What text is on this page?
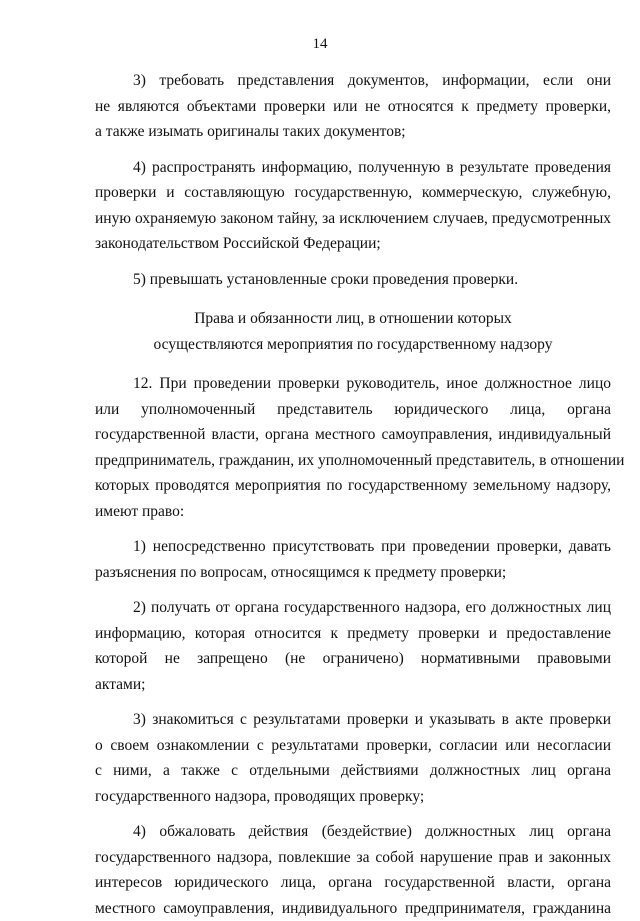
14
3) требовать представления документов, информации, если они
не являются объектами проверки или не относятся к предмету проверки,
а также изымать оригиналы таких документов;
4) распространять информацию, полученную в результате проведения
проверки и составляющую государственную, коммерческую, служебную,
иную охраняемую законом тайну, за исключением случаев, предусмотренных
законодательством Российской Федерации;
5) превышать установленные сроки проведения проверки.
Права и обязанности лиц, в отношении которых
осуществляются мероприятия по государственному надзору
12. При проведении проверки руководитель, иное должностное лицо
или уполномоченный представитель юридического лица, органа
государственной власти, органа местного самоуправления, индивидуальный
предприниматель, гражданин, их уполномоченный представитель, в отношении
которых проводятся мероприятия по государственному земельному надзору,
имеют право:
1) непосредственно присутствовать при проведении проверки, давать
разъяснения по вопросам, относящимся к предмету проверки;
2) получать от органа государственного надзора, его должностных лиц
информацию, которая относится к предмету проверки и предоставление
которой не запрещено (не ограничено) нормативными правовыми
актами;
3) знакомиться с результатами проверки и указывать в акте проверки
о своем ознакомлении с результатами проверки, согласии или несогласии
с ними, а также с отдельными действиями должностных лиц органа
государственного надзора, проводящих проверку;
4) обжаловать действия (бездействие) должностных лиц органа
государственного надзора, повлекшие за собой нарушение прав и законных
интересов юридического лица, органа государственной власти, органа
местного самоуправления, индивидуального предпринимателя, гражданина
